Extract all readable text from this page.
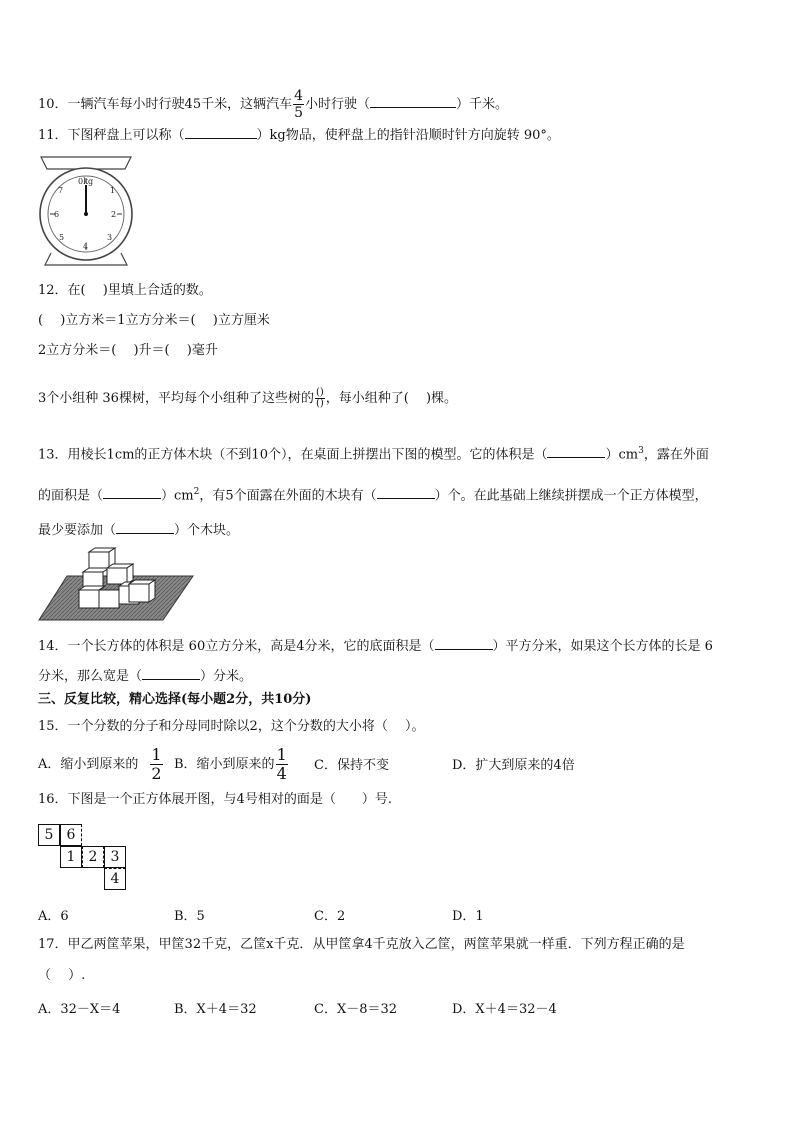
10．一辆汽车每小时行驶45千米，这辆汽车 $\frac{4}{5}$ 小时行驶（	）千米。
11．下图秤盘上可以称（	）kg物品，使秤盘上的指针沿顺时针方向旋转 90°。
0kg
1
2
3
4
5
6
7
12．在(　 )里填上合适的数。
(　 )立方米＝1立方分米＝(　 )立方厘米
2立方分米＝(　 )升＝(　 )毫升
3个小组种 36棵树，平均每个小组种了这些树的 $\frac{()}{()}$ ，每小组种了(　 )棵。
13．用棱长1cm的正方体木块（不到10个），在桌面上拼摆出下图的模型。它的体积是（	）$cm^3$，露在外面
的面积是（	）$cm^2$，有5个面露在外面的木块有（	）个。在此基础上继续拼摆成一个正方体模型，
最少要添加（	）个木块。
14．一个长方体的体积是 60立方分米，高是4分米，它的底面积是（	）平方分米，如果这个长方体的长是 6
分米，那么宽是（	）分米。
三、反复比较，精心选择(每小题2分，共10分)
15．一个分数的分子和分母同时除以2，这个分数的大小将（　 ）。
A．缩小到原来的 $\frac{1}{2}$ B．缩小到原来的 $\frac{1}{4}$ C．保持不变	D．扩大到原来的4倍
16．下图是一个正方体展开图，与4号相对的面是（　　）号.
5 6
1 2 3
4
A．6	B．5	C．2	D．1
17．甲乙两筐苹果，甲筐32千克，乙筐x千克．从甲筐拿4千克放入乙筐，两筐苹果就一样重．下列方程正确的是
（　 ）.
A．32－X＝4	B．X＋4＝32	C．X－8＝32	D．X＋4＝32－4
